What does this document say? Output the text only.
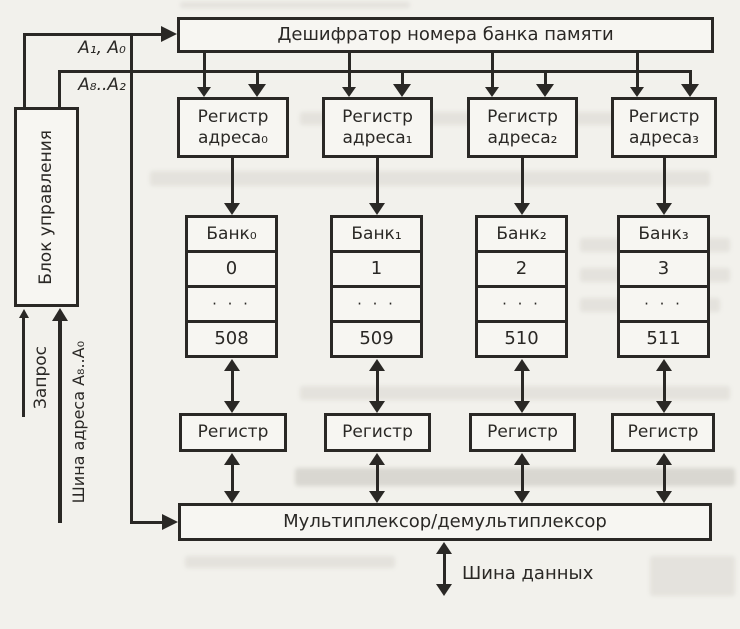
A₁, A₀
A₈..A₂
Дешифратор номера банка памяти
Блок управления
Запрос Шина адреса A₈..A₀
Регистр
адреса₀
Банк₀
0
· · ·
508
Регистр
Регистр
адреса₁
Банк₁
1
· · ·
509
Регистр
Регистр
адреса₂
Банк₂
2
· · ·
510
Регистр
Регистр
адреса₃
Банк₃
3
· · ·
511
Регистр
Мультиплексор/демультиплексор
Шина данных
